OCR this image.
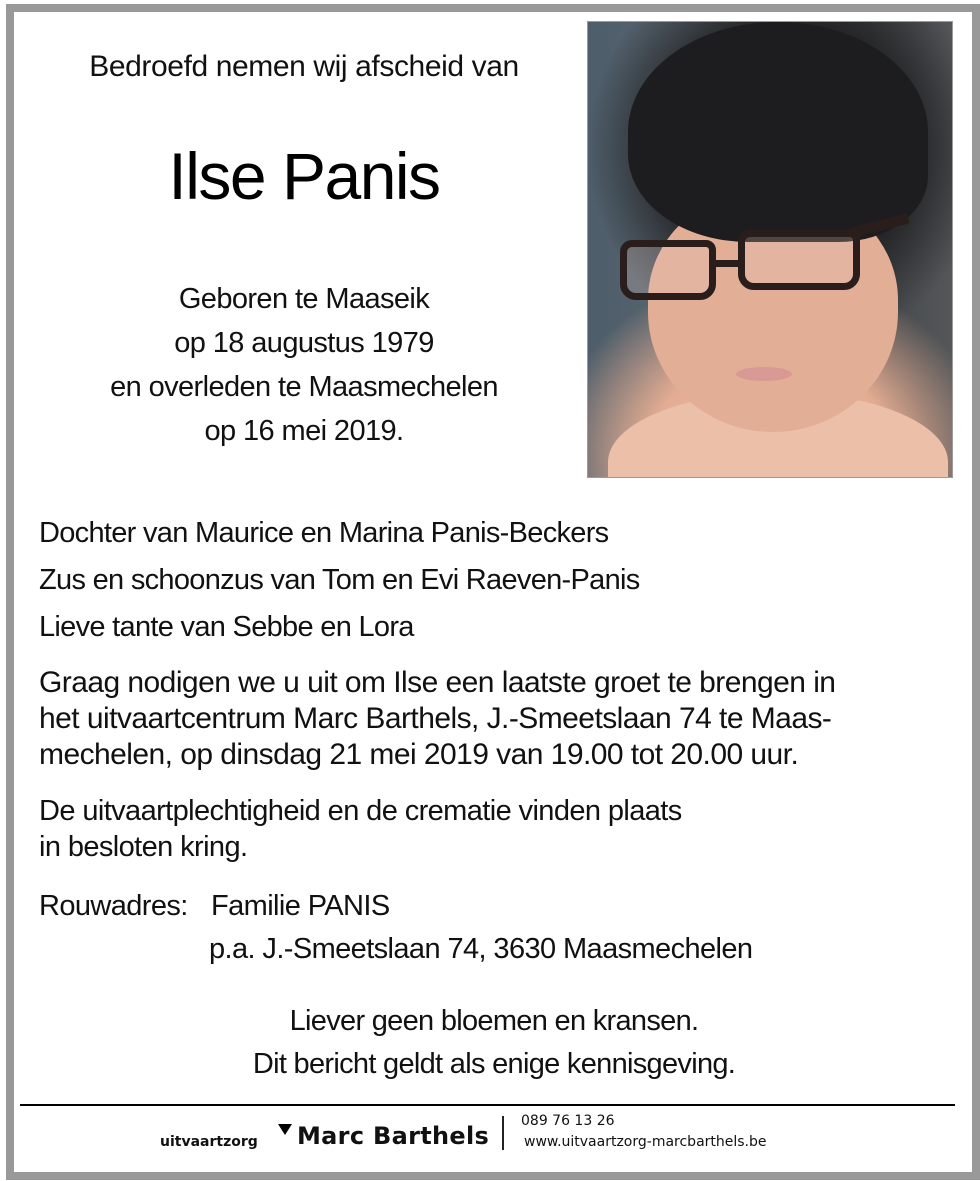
Bedroefd nemen wij afscheid van
Ilse Panis
Geboren te Maaseik
op 18 augustus 1979
en overleden te Maasmechelen
op 16 mei 2019.
Dochter van Maurice en Marina Panis-Beckers
Zus en schoonzus van Tom en Evi Raeven-Panis
Lieve tante van Sebbe en Lora
Graag nodigen we u uit om Ilse een laatste groet te brengen in
het uitvaartcentrum Marc Barthels, J.-Smeetslaan 74 te Maas-
mechelen, op dinsdag 21 mei 2019 van 19.00 tot 20.00 uur.
De uitvaartplechtigheid en de crematie vinden plaats
in besloten kring.
Rouwadres: Familie PANIS
p.a. J.-Smeetslaan 74, 3630 Maasmechelen
Liever geen bloemen en kransen.
Dit bericht geldt als enige kennisgeving.
uitvaartzorg Marc Barthels
089 76 13 26
www.uitvaartzorg-marcbarthels.be
